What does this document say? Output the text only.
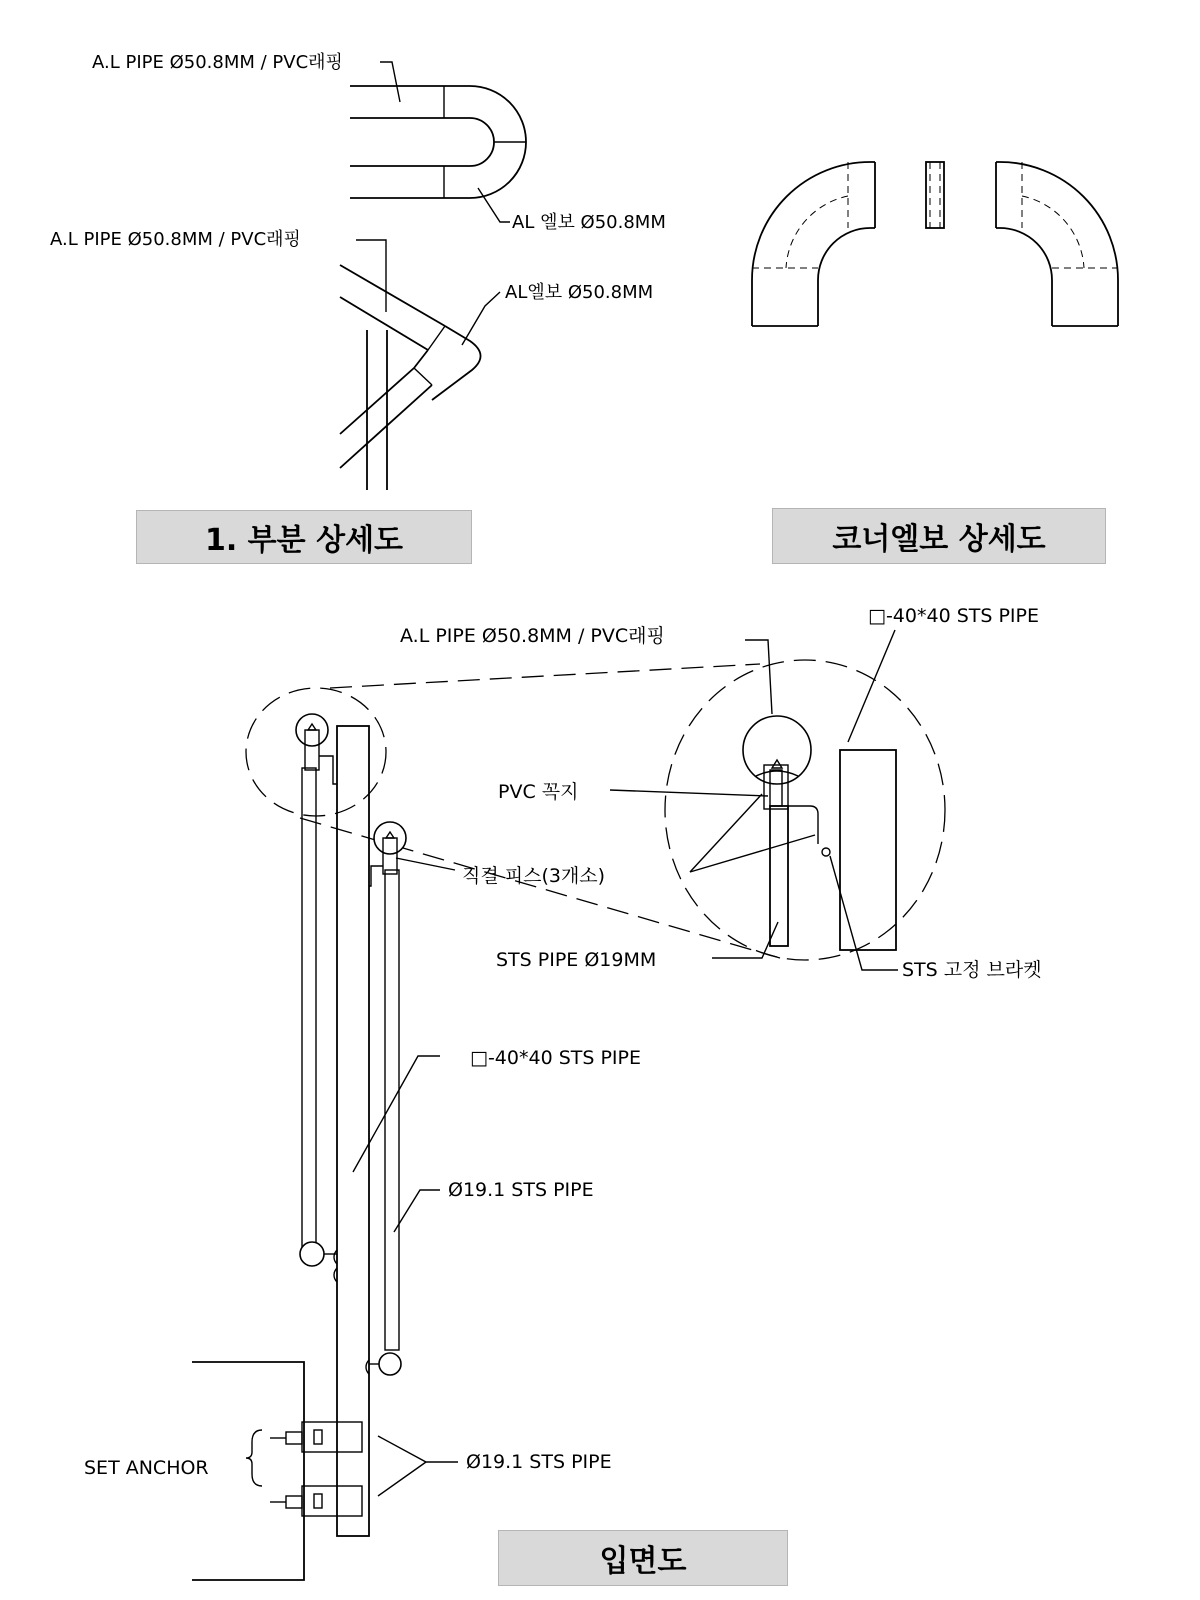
A.L PIPE Ø50.8MM / PVC래핑
AL 엘보 Ø50.8MM
A.L PIPE Ø50.8MM / PVC래핑
AL엘보 Ø50.8MM
A.L PIPE Ø50.8MM / PVC래핑
□-40*40 STS PIPE
PVC 꼭지
직결 피스(3개소)
STS PIPE Ø19MM	STS 고정 브라켓
□-40*40 STS PIPE
Ø19.1 STS PIPE
SET ANCHOR	Ø19.1 STS PIPE
1. 부분 상세도	코너엘보 상세도
입면도
